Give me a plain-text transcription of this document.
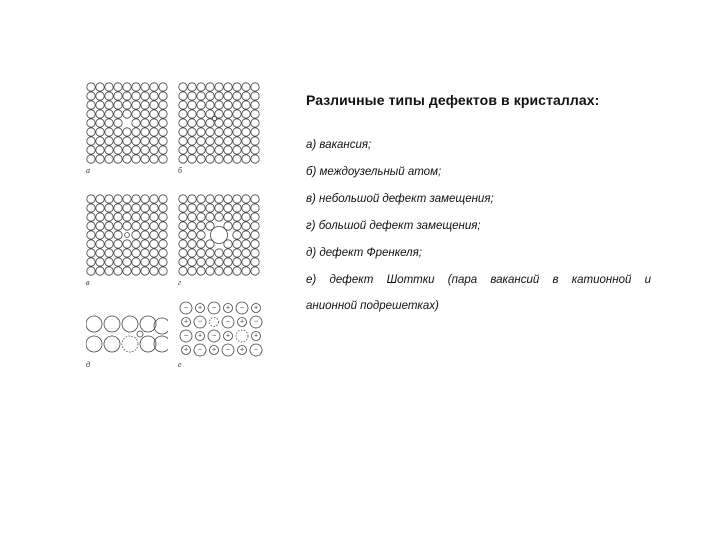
а	б
в	г
д
− + − + − +
+ −	− + −
− + − +	+
+ − + − + −
е
Различные типы дефектов в кристаллах:
а) вакансия;
б) междоузельный атом;
в) небольшой дефект замещения;
г) большой дефект замещения;
д) дефект Френкеля;
е) дефект Шоттки (пара вакансий в катионной и
анионной подрешетках)
